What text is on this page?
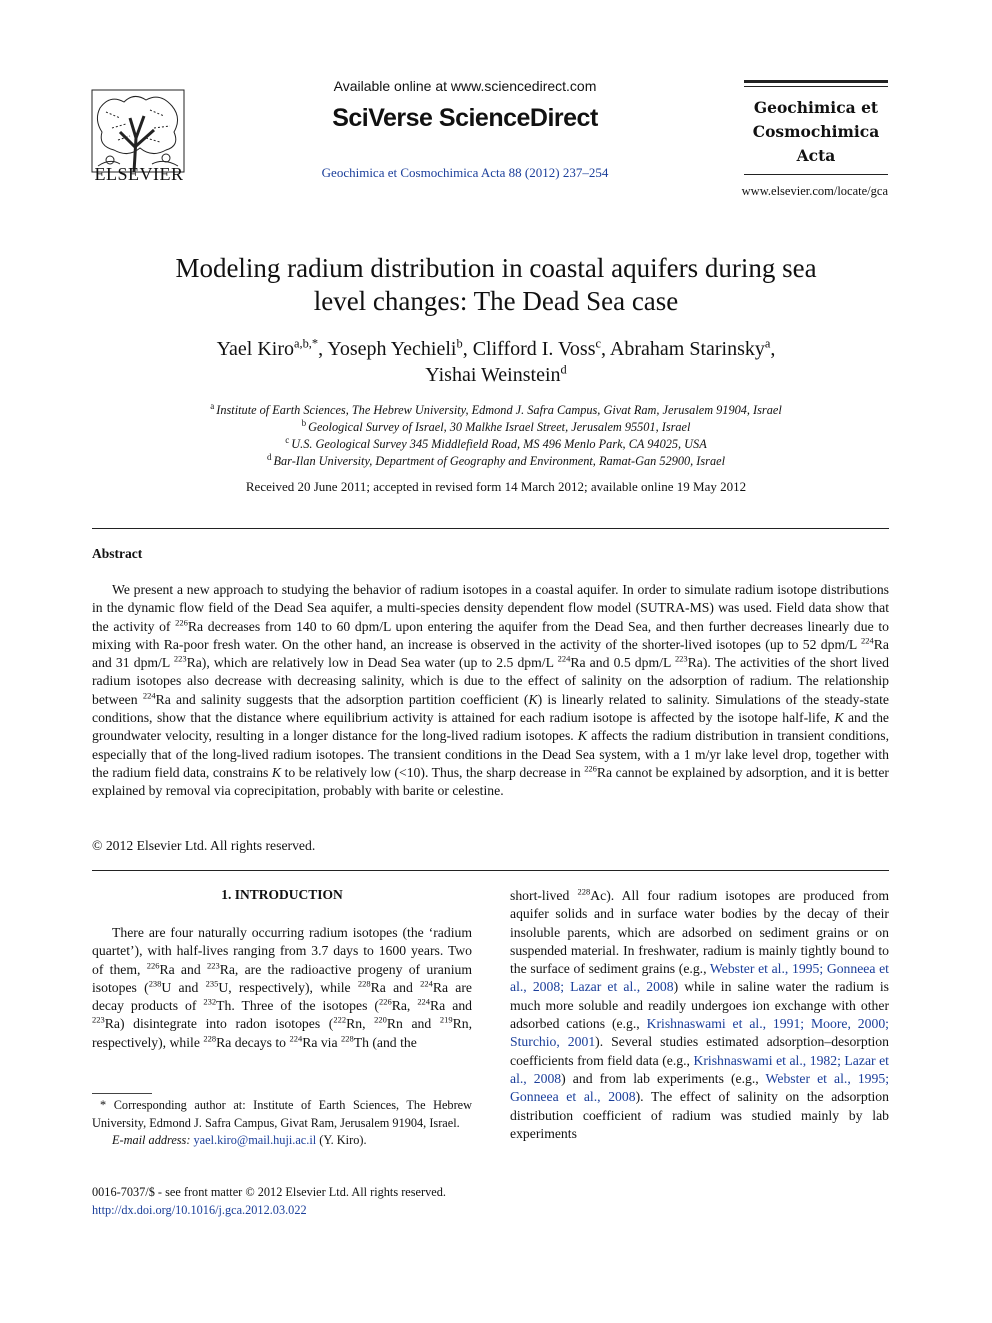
ELSEVIER
Available online at www.sciencedirect.com
SciVerse ScienceDirect
Geochimica et Cosmochimica Acta 88 (2012) 237–254
Geochimica et
Cosmochimica
Acta
www.elsevier.com/locate/gca
Modeling radium distribution in coastal aquifers during sea
level changes: The Dead Sea case
Yael Kiro$^{a,b,*}$, Yoseph Yechieli$^b$, Clifford I. Voss$^c$, Abraham Starinsky$^a$,
Yishai Weinstein$^d$
$^a$ Institute of Earth Sciences, The Hebrew University, Edmond J. Safra Campus, Givat Ram, Jerusalem 91904, Israel
$^b$ Geological Survey of Israel, 30 Malkhe Israel Street, Jerusalem 95501, Israel
$^c$ U.S. Geological Survey 345 Middlefield Road, MS 496 Menlo Park, CA 94025, USA
$^d$ Bar-Ilan University, Department of Geography and Environment, Ramat-Gan 52900, Israel
Received 20 June 2011; accepted in revised form 14 March 2012; available online 19 May 2012
Abstract
We present a new approach to studying the behavior of radium isotopes in a coastal aquifer. In order to simulate radium isotope distributions in the dynamic flow field of the Dead Sea aquifer, a multi-species density dependent flow model (SUTRA-MS) was used. Field data show that the activity of $^{226}$Ra decreases from 140 to 60 dpm/L upon entering the aquifer from the Dead Sea, and then further decreases linearly due to mixing with Ra-poor fresh water. On the other hand, an increase is observed in the activity of the shorter-lived isotopes (up to 52 dpm/L $^{224}$Ra and 31 dpm/L $^{223}$Ra), which are relatively low in Dead Sea water (up to 2.5 dpm/L $^{224}$Ra and 0.5 dpm/L $^{223}$Ra). The activities of the short lived radium isotopes also decrease with decreasing salinity, which is due to the effect of salinity on the adsorption of radium. The relationship between $^{224}$Ra and salinity suggests that the adsorption partition coefficient (K) is linearly related to salinity. Simulations of the steady-state conditions, show that the distance where equilibrium activity is attained for each radium isotope is affected by the isotope half-life, K and the groundwater velocity, resulting in a longer distance for the long-lived radium isotopes. K affects the radium distribution in transient conditions, especially that of the long-lived radium isotopes. The transient conditions in the Dead Sea system, with a 1 m/yr lake level drop, together with the radium field data, constrains K to be relatively low (<10). Thus, the sharp decrease in $^{226}$Ra cannot be explained by adsorption, and it is better explained by removal via coprecipitation, probably with barite or celestine.
© 2012 Elsevier Ltd. All rights reserved.
1. INTRODUCTION
There are four naturally occurring radium isotopes (the ‘radium quartet’), with half-lives ranging from 3.7 days to 1600 years. Two of them, $^{226}$Ra and $^{223}$Ra, are the radioactive progeny of uranium isotopes ($^{238}$U and $^{235}$U, respectively), while $^{228}$Ra and $^{224}$Ra are decay products of $^{232}$Th. Three of the isotopes ($^{226}$Ra, $^{224}$Ra and $^{223}$Ra) disintegrate into radon isotopes ($^{222}$Rn, $^{220}$Rn and $^{219}$Rn, respectively), while $^{228}$Ra decays to $^{224}$Ra via $^{228}$Th (and the
* Corresponding author at: Institute of Earth Sciences, The Hebrew University, Edmond J. Safra Campus, Givat Ram, Jerusalem 91904, Israel.
E-mail address: yael.kiro@mail.huji.ac.il (Y. Kiro).
0016-7037/$ - see front matter © 2012 Elsevier Ltd. All rights reserved.
http://dx.doi.org/10.1016/j.gca.2012.03.022
short-lived $^{228}$Ac). All four radium isotopes are produced from aquifer solids and in surface water bodies by the decay of their insoluble parents, which are adsorbed on sediment grains or on suspended material. In freshwater, radium is mainly tightly bound to the surface of sediment grains (e.g., Webster et al., 1995; Gonneea et al., 2008; Lazar et al., 2008) while in saline water the radium is much more soluble and readily undergoes ion exchange with other adsorbed cations (e.g., Krishnaswami et al., 1991; Moore, 2000; Sturchio, 2001). Several studies estimated adsorption–desorption coefficients from field data (e.g., Krishnaswami et al., 1982; Lazar et al., 2008) and from lab experiments (e.g., Webster et al., 1995; Gonneea et al., 2008). The effect of salinity on the adsorption distribution coefficient of radium was studied mainly by lab experiments
